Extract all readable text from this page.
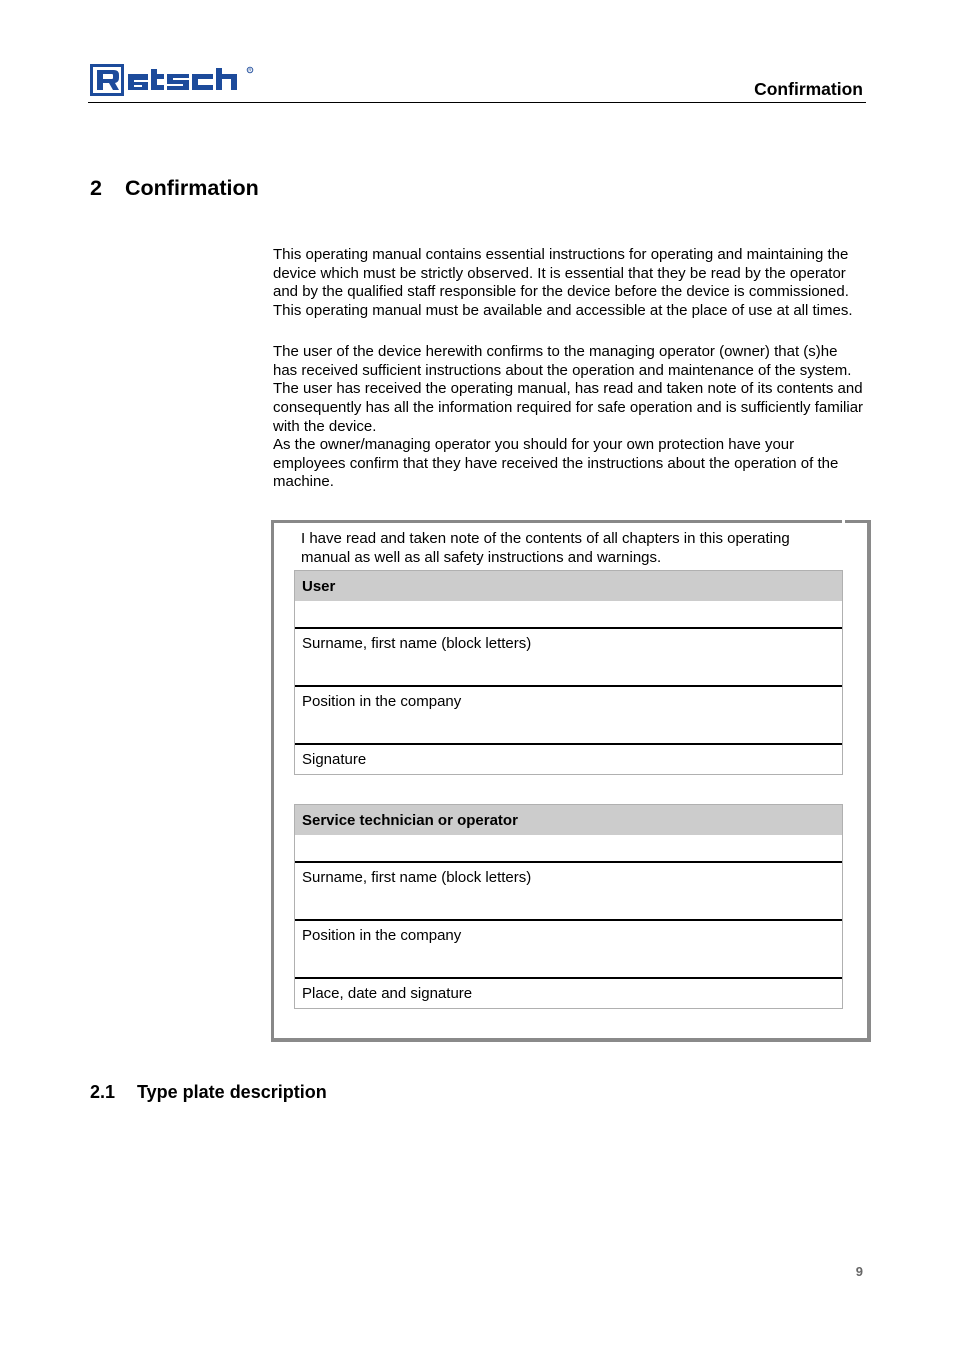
R
Confirmation
2 Confirmation
This operating manual contains essential instructions for operating and maintaining the device which must be strictly observed. It is essential that they be read by the operator and by the qualified staff responsible for the device before the device is commissioned. This operating manual must be available and accessible at the place of use at all times.
The user of the device herewith confirms to the managing operator (owner) that (s)he has received sufficient instructions about the operation and maintenance of the system. The user has received the operating manual, has read and taken note of its contents and consequently has all the information required for safe operation and is sufficiently familiar with the device.
As the owner/managing operator you should for your own protection have your employees confirm that they have received the instructions about the operation of the machine.
I have read and taken note of the contents of all chapters in this operating manual as well as all safety instructions and warnings.
User
Surname, first name (block letters)
Position in the company
Signature
Service technician or operator
Surname, first name (block letters)
Position in the company
Place, date and signature
2.1 Type plate description
9
